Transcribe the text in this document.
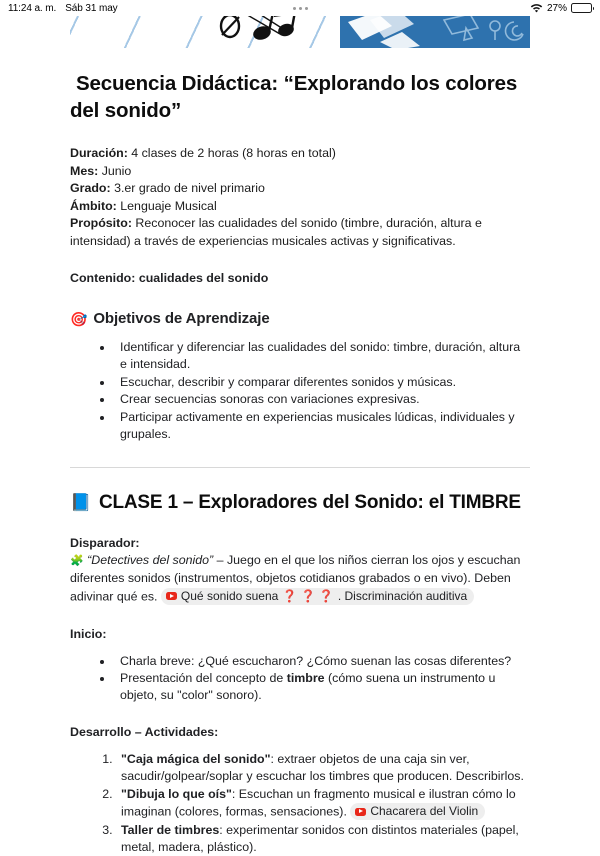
11:24 a. m. Sáb 31 may	27%
Secuencia Didáctica: “Explorando los colores del sonido”
Duración: 4 clases de 2 horas (8 horas en total)
Mes: Junio
Grado: 3.er grado de nivel primario
Ámbito: Lenguaje Musical
Propósito: Reconocer las cualidades del sonido (timbre, duración, altura e intensidad) a través de experiencias musicales activas y significativas.
Contenido: cualidades del sonido
🎯 Objetivos de Aprendizaje
• Identificar y diferenciar las cualidades del sonido: timbre, duración, altura e intensidad.
• Escuchar, describir y comparar diferentes sonidos y músicas.
• Crear secuencias sonoras con variaciones expresivas.
• Participar activamente en experiencias musicales lúdicas, individuales y grupales.
📘 CLASE 1 – Exploradores del Sonido: el TIMBRE
Disparador:
🧩 “Detectives del sonido” – Juego en el que los niños cierran los ojos y escuchan diferentes sonidos (instrumentos, objetos cotidianos grabados o en vivo). Deben adivinar qué es. Qué sonido suena ❓ ❓ ❓ . Discriminación auditiva
Inicio:
• Charla breve: ¿Qué escucharon? ¿Cómo suenan las cosas diferentes?
• Presentación del concepto de timbre (cómo suena un instrumento u objeto, su "color" sonoro).
Desarrollo – Actividades:
1. "Caja mágica del sonido": extraer objetos de una caja sin ver, sacudir/golpear/soplar y escuchar los timbres que producen. Describirlos.
2. "Dibuja lo que oís": Escuchan un fragmento musical e ilustran cómo lo imaginan (colores, formas, sensaciones). Chacarera del Violin
3. Taller de timbres: experimentar sonidos con distintos materiales (papel, metal, madera, plástico).
